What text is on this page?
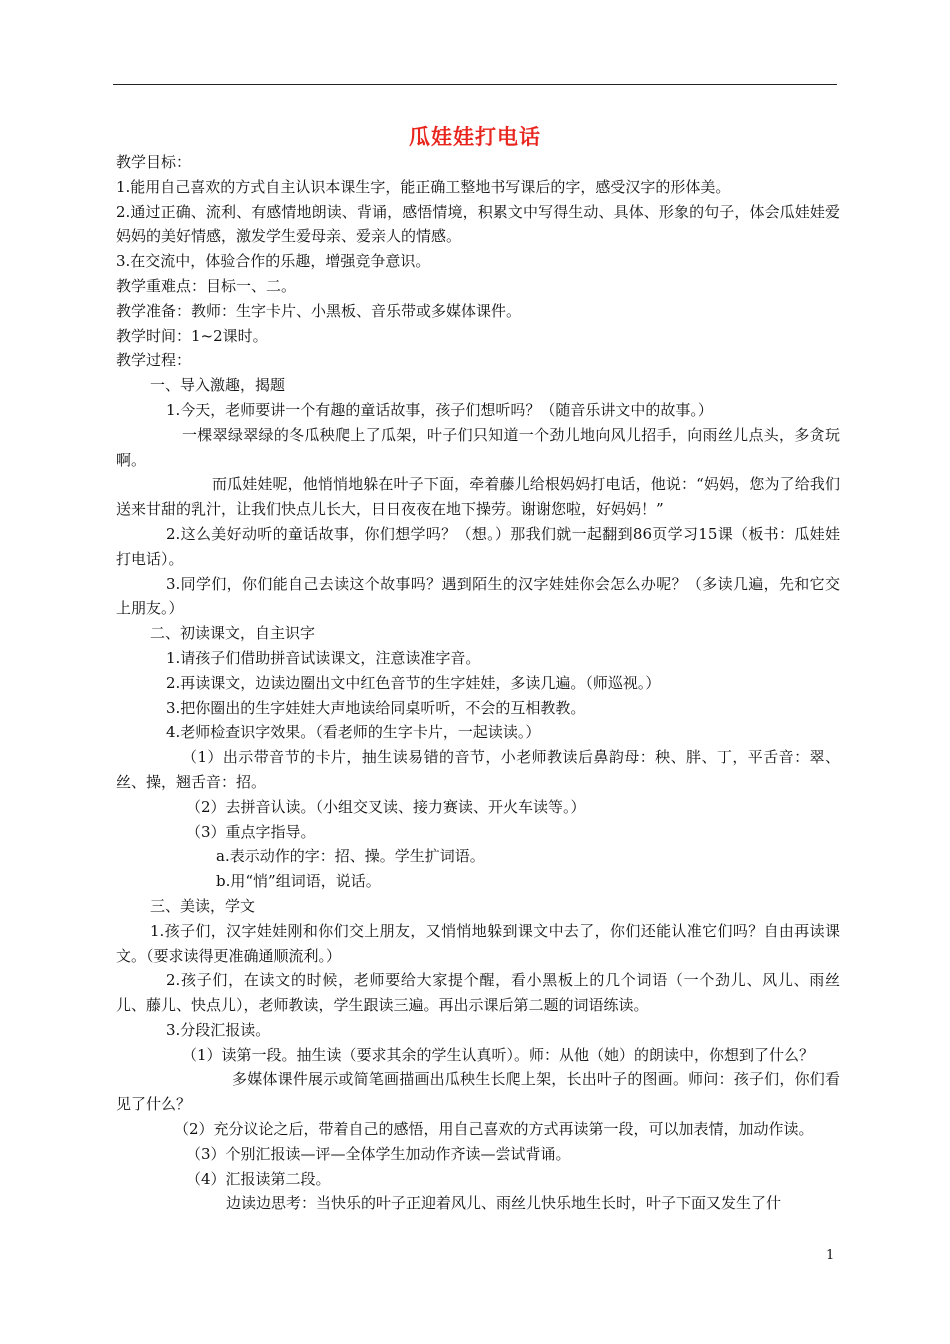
瓜娃娃打电话

教学目标：

1.能用自己喜欢的方式自主认识本课生字，能正确工整地书写课后的字，感受汉字的形体美。

2.通过正确、流利、有感情地朗读、背诵，感悟情境，积累文中写得生动、具体、形象的句子，体会瓜娃娃爱妈妈的美好情感，激发学生爱母亲、爱亲人的情感。

3.在交流中，体验合作的乐趣，增强竞争意识。

教学重难点：目标一、二。

教学准备：教师：生字卡片、小黑板、音乐带或多媒体课件。

教学时间：1~2课时。

教学过程：

一、导入激趣，揭题

1.今天，老师要讲一个有趣的童话故事，孩子们想听吗？（随音乐讲文中的故事。）

一棵翠绿翠绿的冬瓜秧爬上了瓜架，叶子们只知道一个劲儿地向风儿招手，向雨丝儿点头，多贪玩啊。

而瓜娃娃呢，他悄悄地躲在叶子下面，牵着藤儿给根妈妈打电话，他说：“妈妈，您为了给我们送来甘甜的乳汁，让我们快点儿长大，日日夜夜在地下操劳。谢谢您啦，好妈妈！”

2.这么美好动听的童话故事，你们想学吗？（想。）那我们就一起翻到86页学习15课（板书：瓜娃娃打电话）。

3.同学们，你们能自己去读这个故事吗？遇到陌生的汉字娃娃你会怎么办呢？（多读几遍，先和它交上朋友。）

二、初读课文，自主识字

1.请孩子们借助拼音试读课文，注意读准字音。

2.再读课文，边读边圈出文中红色音节的生字娃娃，多读几遍。（师巡视。）

3.把你圈出的生字娃娃大声地读给同桌听听，不会的互相教教。

4.老师检查识字效果。（看老师的生字卡片，一起读读。）

（1）出示带音节的卡片，抽生读易错的音节，小老师教读后鼻韵母：秧、胖、丁，平舌音：翠、丝、操，翘舌音：招。

（2）去拼音认读。（小组交叉读、接力赛读、开火车读等。）

（3）重点字指导。

a.表示动作的字：招、操。学生扩词语。

b.用“悄”组词语，说话。

三、美读，学文

1.孩子们，汉字娃娃刚和你们交上朋友，又悄悄地躲到课文中去了，你们还能认准它们吗？自由再读课文。（要求读得更准确通顺流利。）

2.孩子们，在读文的时候，老师要给大家提个醒，看小黑板上的几个词语（一个劲儿、风儿、雨丝儿、藤儿、快点儿），老师教读，学生跟读三遍。再出示课后第二题的词语练读。

3.分段汇报读。

（1）读第一段。抽生读（要求其余的学生认真听）。师：从他（她）的朗读中，你想到了什么？

多媒体课件展示或简笔画描画出瓜秧生长爬上架，长出叶子的图画。师问：孩子们，你们看见了什么？

（2）充分议论之后，带着自己的感悟，用自己喜欢的方式再读第一段，可以加表情，加动作读。

（3）个别汇报读—评—全体学生加动作齐读—尝试背诵。

（4）汇报读第二段。

边读边思考：当快乐的叶子正迎着风儿、雨丝儿快乐地生长时，叶子下面又发生了什

1
